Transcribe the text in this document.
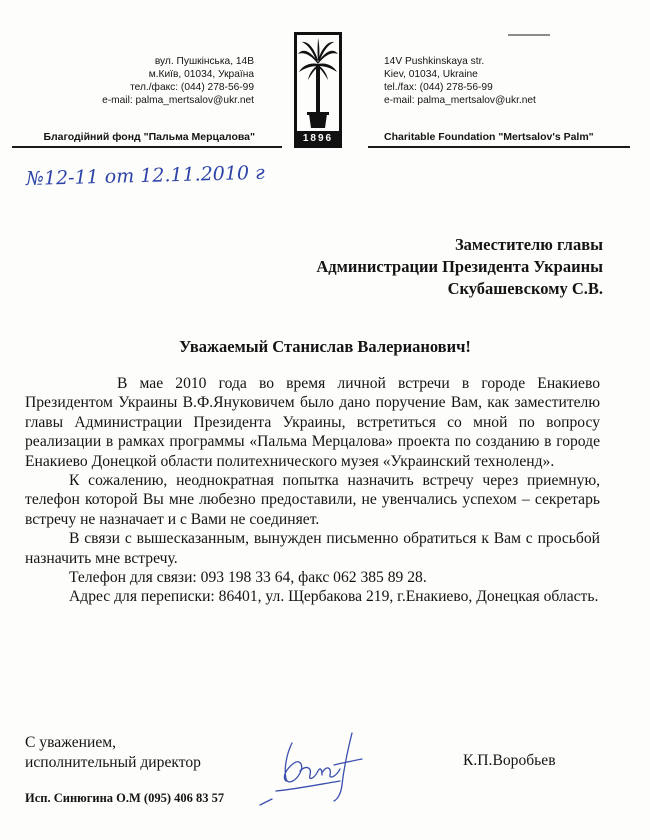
вул. Пушкінська, 14В
м.Київ, 01034, Україна
тел./факс: (044) 278-56-99
e-mail: palma_mertsalov@ukr.net
14V Pushkinskaya str.
Kiev, 01034, Ukraine
tel./fax: (044) 278-56-99
e-mail: palma_mertsalov@ukr.net
1896
Благодійний фонд "Пальма Мерцалова"	Charitable Foundation "Mertsalov's Palm"
№12-11 от 12.11.2010 г
Заместителю главы
Администрации Президента Украины
Скубашевскому С.В.
Уважаемый Станислав Валерианович!

В мае 2010 года во время личной встречи в городе Енакиево Президентом Украины В.Ф.Януковичем было дано поручение Вам, как заместителю главы Администрации Президента Украины, встретиться со мной по вопросу реализации в рамках программы «Пальма Мерцалова» проекта по созданию в городе Енакиево Донецкой области политехнического музея «Украинский техноленд».

К сожалению, неоднократная попытка назначить встречу через приемную, телефон которой Вы мне любезно предоставили, не увенчались успехом – секретарь встречу не назначает и с Вами не соединяет.

В связи с вышесказанным, вынужден письменно обратиться к Вам с просьбой назначить мне встречу.

Телефон для связи: 093 198 33 64, факс 062 385 89 28.

Адрес для переписки: 86401, ул. Щербакова 219, г.Енакиево, Донецкая область.

С уважением,
исполнительный директор	К.П.Воробьев
Исп. Синюгина О.М (095) 406 83 57
